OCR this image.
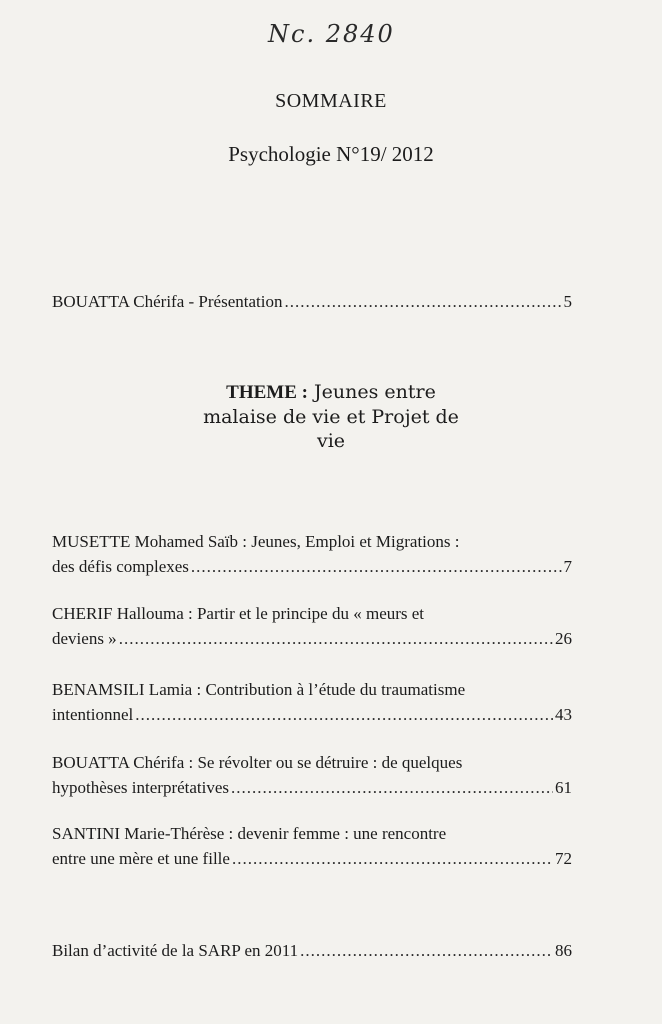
Nc. 2840
SOMMAIRE
Psychologie N°19/ 2012
BOUATTA Chérifa - Présentation .....	5
THEME : Jeunes entre
malaise de vie et Projet de
vie
MUSETTE Mohamed Saïb : Jeunes, Emploi et Migrations :
des défis complexes .....	7
CHERIF Hallouma : Partir et le principe du « meurs et
deviens » .....	26
BENAMSILI Lamia : Contribution à l’étude du traumatisme
intentionnel .....	43
BOUATTA Chérifa : Se révolter ou se détruire : de quelques
hypothèses interprétatives .....	61
SANTINI Marie-Thérèse : devenir femme : une rencontre
entre une mère et une fille .....	72
Bilan d’activité de la SARP en 2011 .....	86
